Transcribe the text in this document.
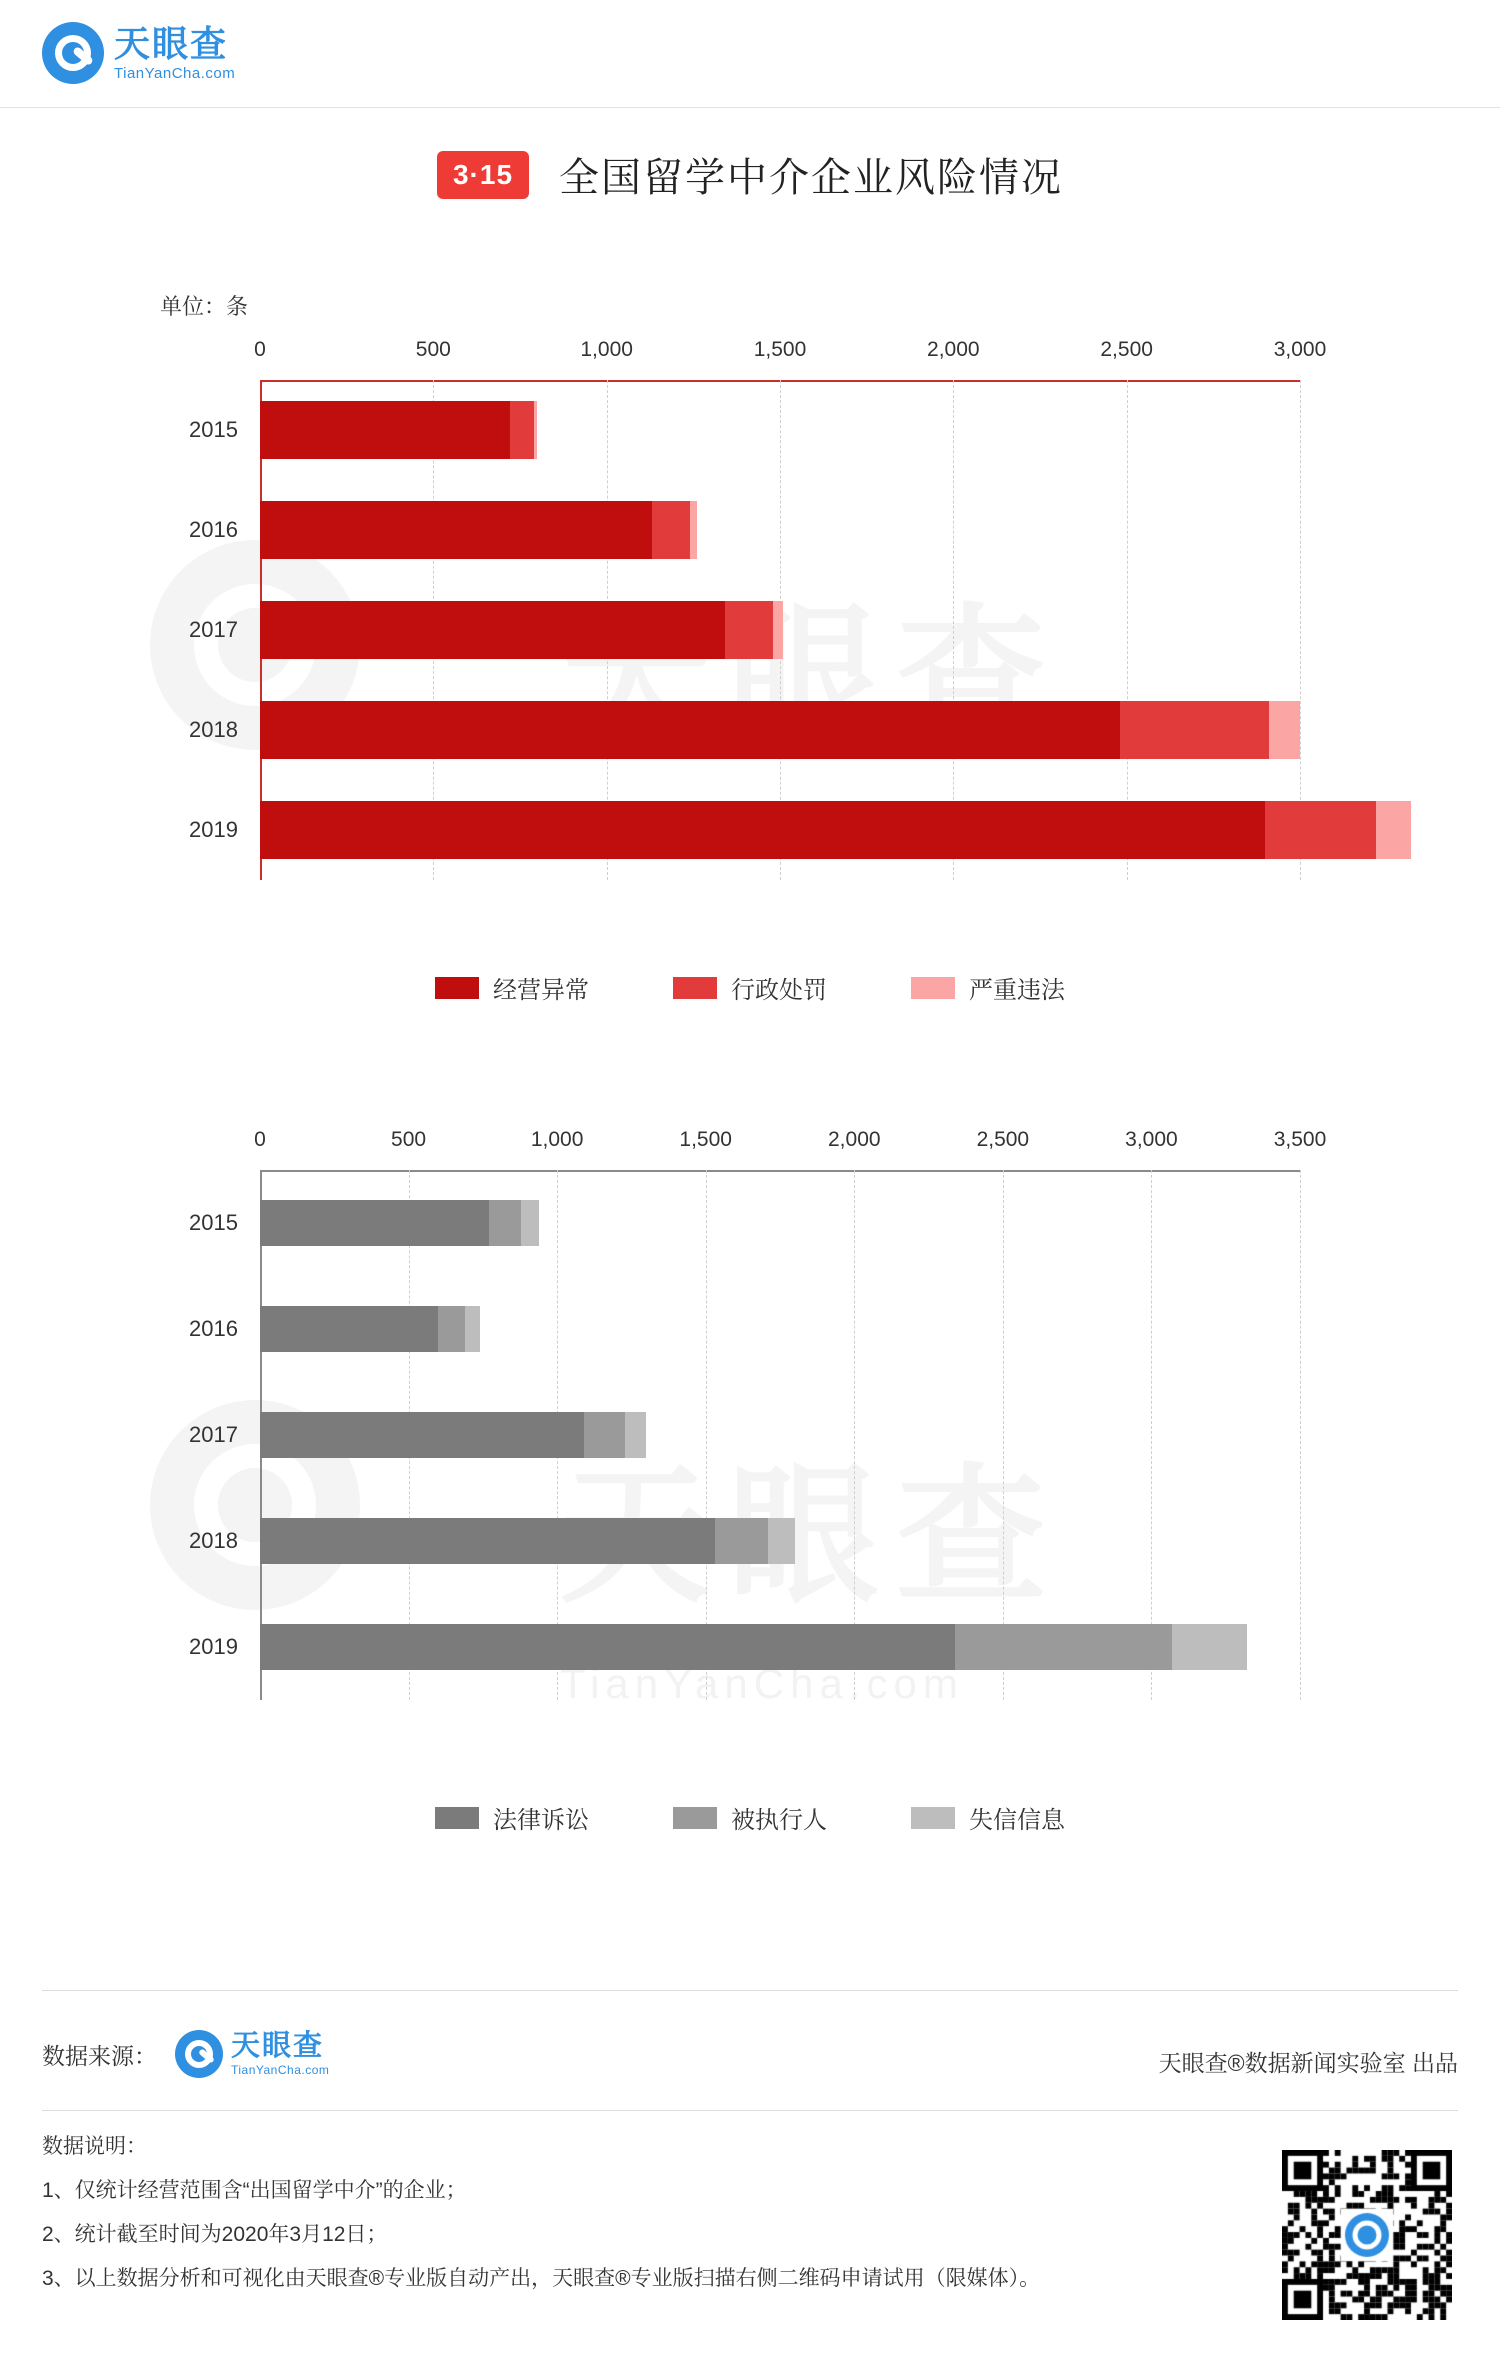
天眼查
TianYanCha.com
3·15	全国留学中介企业风险情况
TianYanCha.com
单位：条
0	500	1,000	1,500	2,000	2,500	3,000
2015
2016
2017
2018
2019
经营异常	行政处罚	严重违法
0	500	1,000	1,500	2,000	2,500	3,000	3,500
2015
2016
2017
2018
2019
法律诉讼	被执行人	失信信息
数据来源：	天眼查
TianYanCha.com	天眼查®数据新闻实验室 出品
数据说明：
1、仅统计经营范围含“出国留学中介”的企业；
2、统计截至时间为2020年3月12日；
3、以上数据分析和可视化由天眼查®专业版自动产出，天眼查®专业版扫描右侧二维码申请试用（限媒体）。
